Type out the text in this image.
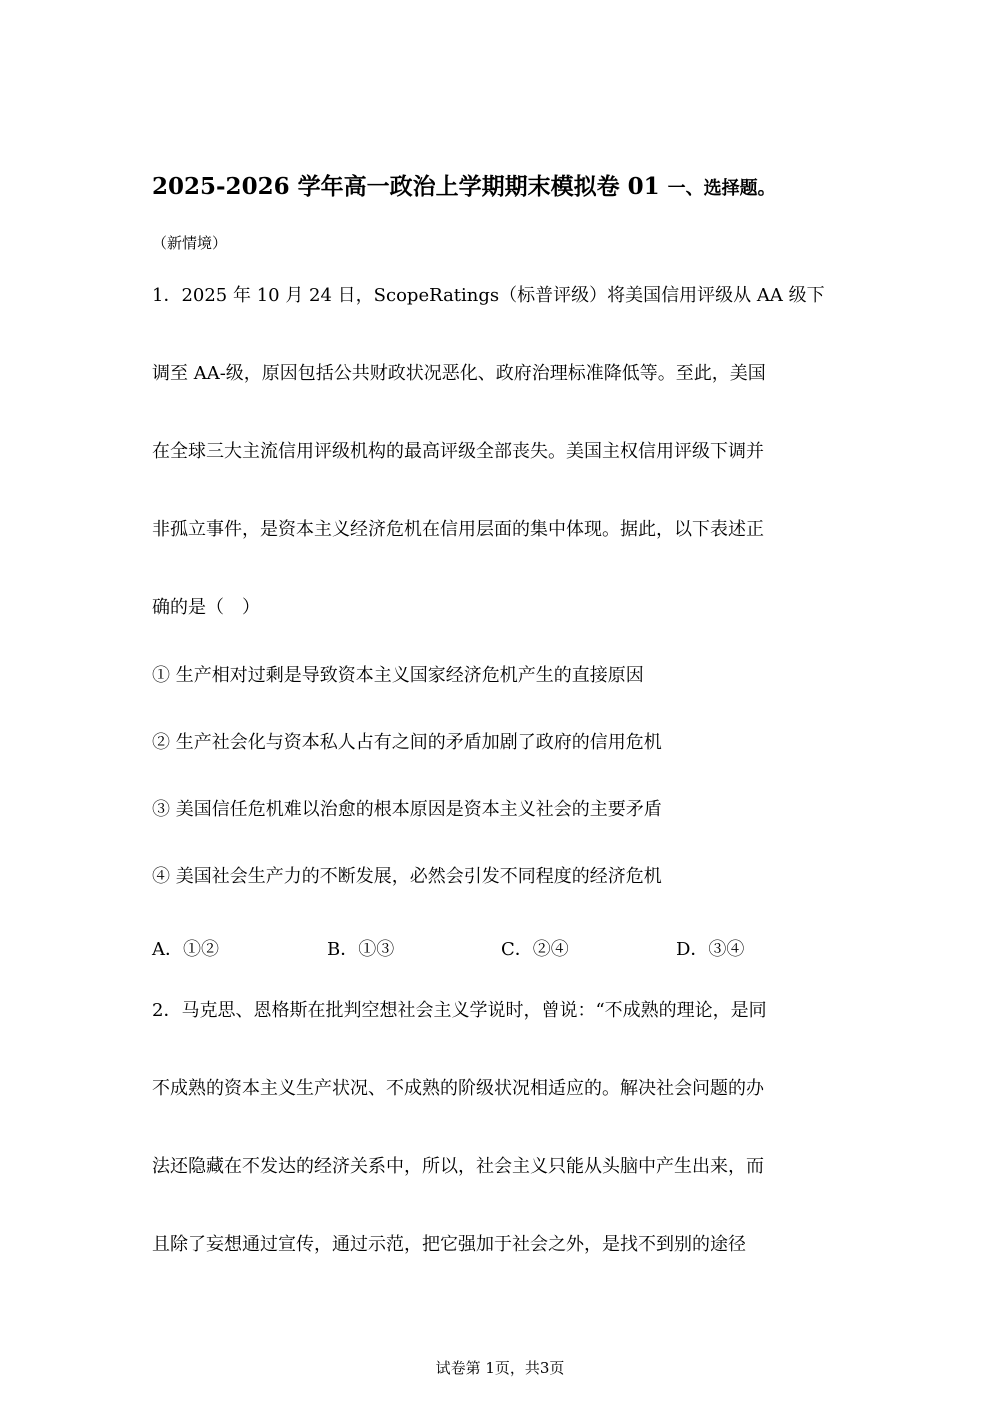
2025-2026 学年高一政治上学期期末模拟卷 01 一、选择题。
（新情境）
1．2025 年 10 月 24 日，ScopeRatings（标普评级）将美国信用评级从 AA 级下
调至 AA-级，原因包括公共财政状况恶化、政府治理标准降低等。至此，美国
在全球三大主流信用评级机构的最高评级全部丧失。美国主权信用评级下调并
非孤立事件，是资本主义经济危机在信用层面的集中体现。据此，以下表述正
确的是（　）
① 生产相对过剩是导致资本主义国家经济危机产生的直接原因
② 生产社会化与资本私人占有之间的矛盾加剧了政府的信用危机
③ 美国信任危机难以治愈的根本原因是资本主义社会的主要矛盾
④ 美国社会生产力的不断发展，必然会引发不同程度的经济危机
A．①②	B．①③	C．②④	D．③④
2．马克思、恩格斯在批判空想社会主义学说时，曾说：“不成熟的理论，是同
不成熟的资本主义生产状况、不成熟的阶级状况相适应的。解决社会问题的办
法还隐藏在不发达的经济关系中，所以，社会主义只能从头脑中产生出来，而
且除了妄想通过宣传，通过示范，把它强加于社会之外，是找不到别的途径
试卷第 1页，共3页
